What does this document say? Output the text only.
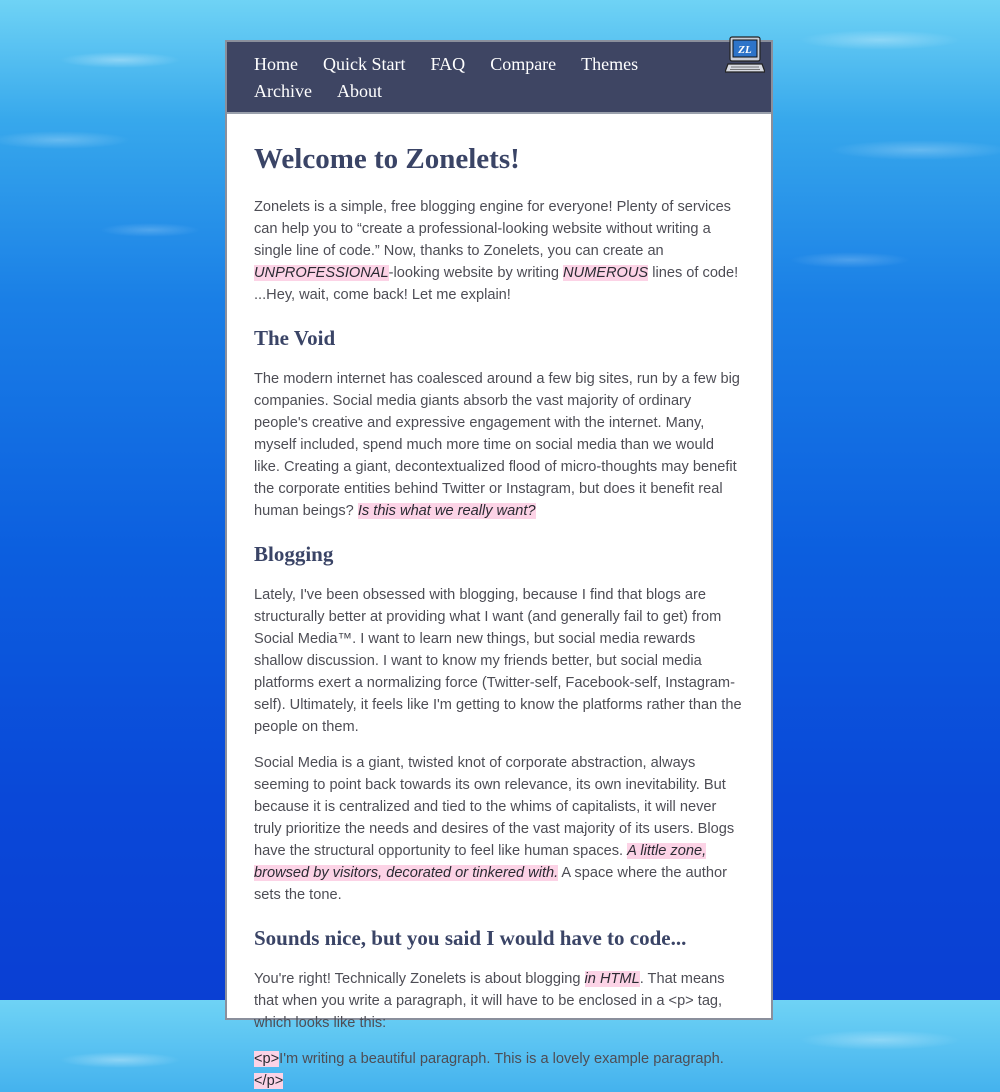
Home Quick Start FAQ Compare Themes
Archive About
ZL
Welcome to Zonelets!

Zonelets is a simple, free blogging engine for everyone! Plenty of services can help you to “create a professional-looking website without writing a single line of code.” Now, thanks to Zonelets, you can create an UNPROFESSIONAL-looking website by writing NUMEROUS lines of code! ...Hey, wait, come back! Let me explain!

The Void

The modern internet has coalesced around a few big sites, run by a few big companies. Social media giants absorb the vast majority of ordinary people's creative and expressive engagement with the internet. Many, myself included, spend much more time on social media than we would like. Creating a giant, decontextualized flood of micro-thoughts may benefit the corporate entities behind Twitter or Instagram, but does it benefit real human beings? Is this what we really want?

Blogging

Lately, I've been obsessed with blogging, because I find that blogs are structurally better at providing what I want (and generally fail to get) from Social Media™. I want to learn new things, but social media rewards shallow discussion. I want to know my friends better, but social media platforms exert a normalizing force (Twitter-self, Facebook-self, Instagram-self). Ultimately, it feels like I'm getting to know the platforms rather than the people on them.

Social Media is a giant, twisted knot of corporate abstraction, always seeming to point back towards its own relevance, its own inevitability. But because it is centralized and tied to the whims of capitalists, it will never truly prioritize the needs and desires of the vast majority of its users. Blogs have the structural opportunity to feel like human spaces. A little zone, browsed by visitors, decorated or tinkered with. A space where the author sets the tone.

Sounds nice, but you said I would have to code...

You're right! Technically Zonelets is about blogging in HTML. That means that when you write a paragraph, it will have to be enclosed in a <p> tag, which looks like this:

<p>I'm writing a beautiful paragraph. This is a lovely example paragraph. </p>
